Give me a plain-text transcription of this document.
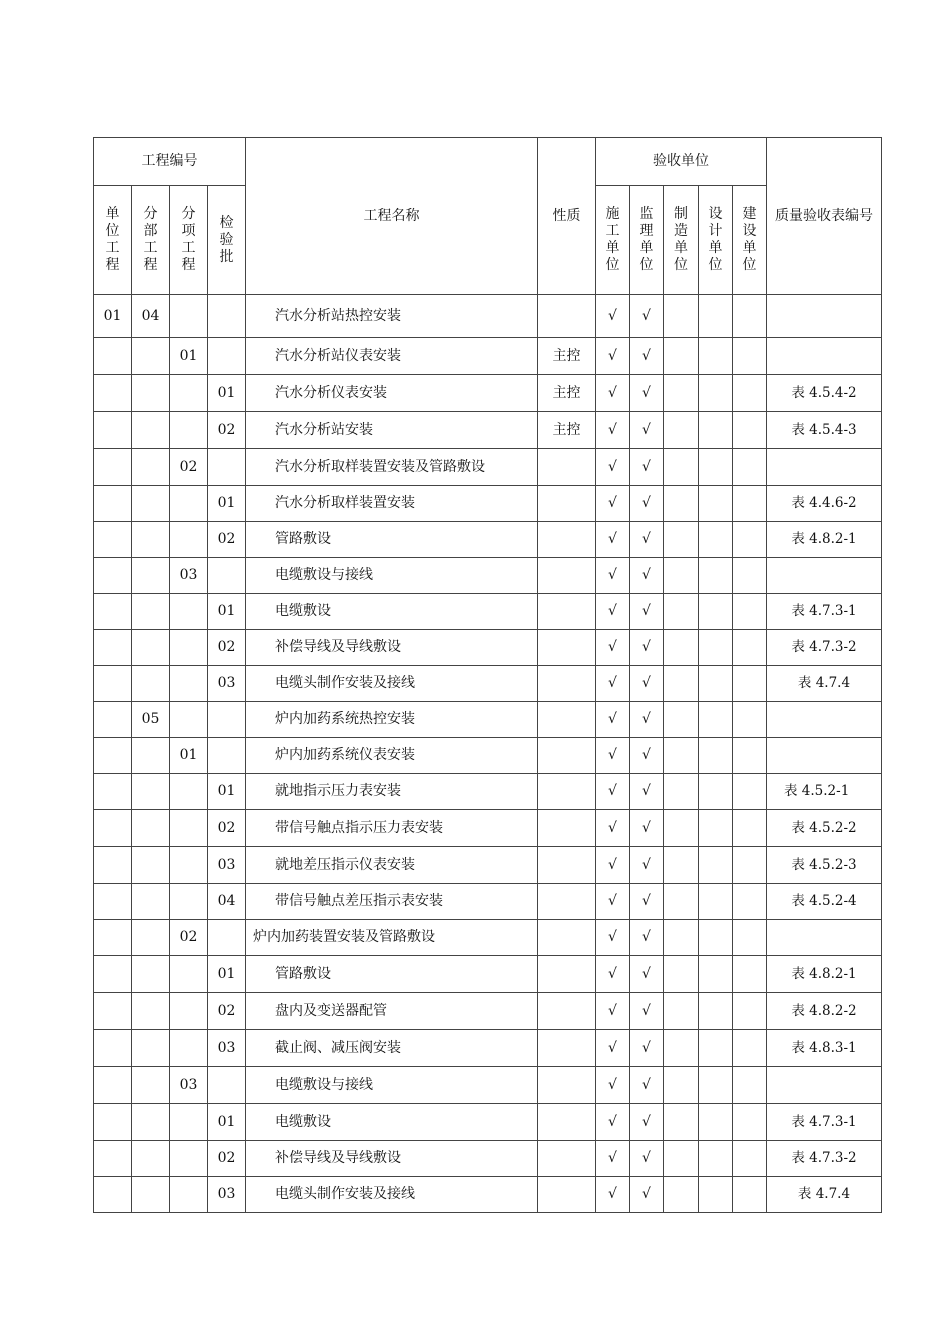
工程编号				工程名称	性质	验收单位					质量验收表编号
单位工程	分部工程	分项工程	检验批			施工单位	监理单位	制造单位	设计单位	建设单位	
01	04			汽水分析站热控安装		√	√				
		01		汽水分析站仪表安装	主控	√	√				
			01	汽水分析仪表安装	主控	√	√				表 4.5.4-2
			02	汽水分析站安装	主控	√	√				表 4.5.4-3
		02		汽水分析取样装置安装及管路敷设		√	√				
			01	汽水分析取样装置安装		√	√				表 4.4.6-2
			02	管路敷设		√	√				表 4.8.2-1
		03		电缆敷设与接线		√	√				
			01	电缆敷设		√	√				表 4.7.3-1
			02	补偿导线及导线敷设		√	√				表 4.7.3-2
			03	电缆头制作安装及接线		√	√				表 4.7.4
	05			炉内加药系统热控安装		√	√				
		01		炉内加药系统仪表安装		√	√				
			01	就地指示压力表安装		√	√				表 4.5.2-1
			02	带信号触点指示压力表安装		√	√				表 4.5.2-2
			03	就地差压指示仪表安装		√	√				表 4.5.2-3
			04	带信号触点差压指示表安装		√	√				表 4.5.2-4
		02		炉内加药装置安装及管路敷设		√	√				
			01	管路敷设		√	√				表 4.8.2-1
			02	盘内及变送器配管		√	√				表 4.8.2-2
			03	截止阀、减压阀安装		√	√				表 4.8.3-1
		03		电缆敷设与接线		√	√				
			01	电缆敷设		√	√				表 4.7.3-1
			02	补偿导线及导线敷设		√	√				表 4.7.3-2
			03	电缆头制作安装及接线		√	√				表 4.7.4
